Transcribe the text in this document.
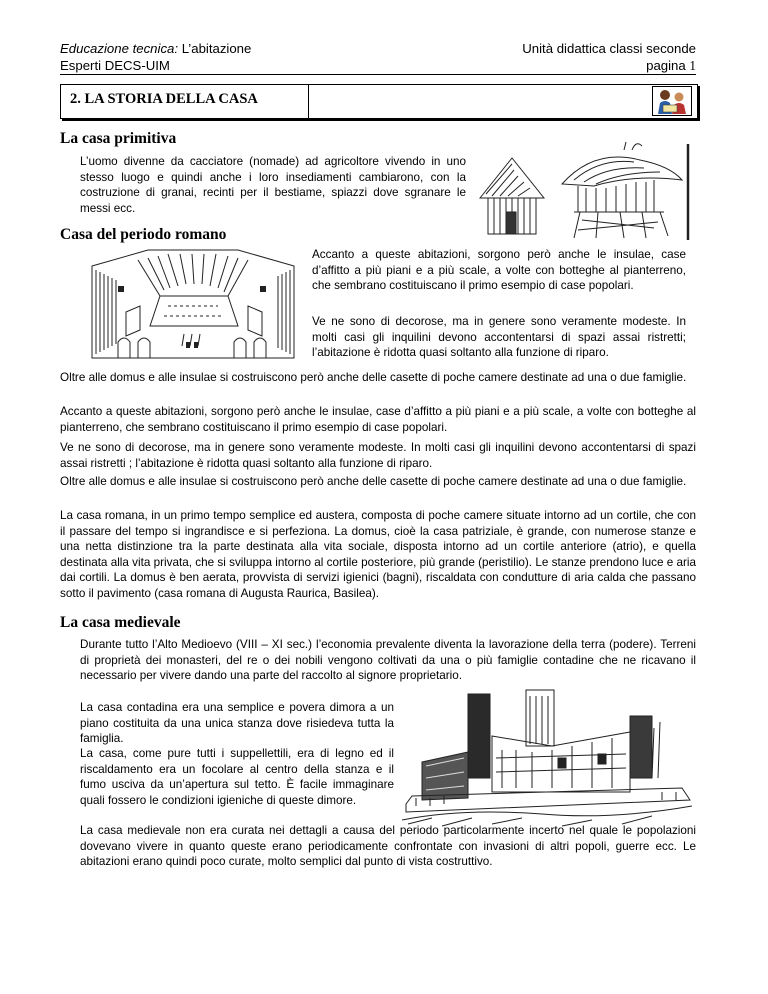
Educazione tecnica: L’abitazione
Esperti DECS-UIM
Unità didattica classi seconde
pagina 1
2. LA STORIA DELLA CASA
La casa primitiva

L’uomo divenne da cacciatore (nomade) ad agricoltore vivendo in uno stesso luogo e quindi anche i loro insediamenti cambiarono, con la costruzione di granai, recinti per il bestiame, spiazzi dove sgranare le messi ecc.

Casa del periodo romano

Accanto a queste abitazioni, sorgono però anche le insulae, case d’affitto a più piani e a più scale, a volte con botteghe al pianterreno, che sembrano costituiscano il primo esempio di case popolari.

Ve ne sono di decorose, ma in genere sono veramente modeste. In molti casi gli inquilini devono accontentarsi di spazi assai ristretti; l’abitazione è ridotta quasi soltanto alla funzione di riparo.

Oltre alle domus e alle insulae si costruiscono però anche delle casette di poche camere destinate ad una o due famiglie.

Accanto a queste abitazioni, sorgono però anche le insulae, case d’affitto a più piani e a più scale, a volte con botteghe al pianterreno, che sembrano costituiscano il primo esempio di case popolari.

Ve ne sono di decorose, ma in genere sono veramente modeste. In molti casi gli inquilini devono accontentarsi di spazi assai ristretti ; l’abitazione è ridotta quasi soltanto alla funzione di riparo.

Oltre alle domus e alle insulae si costruiscono però anche delle casette di poche camere destinate ad una o due famiglie.

La casa romana, in un primo tempo semplice ed austera, composta di poche camere situate intorno ad un cortile, che con il passare del tempo si ingrandisce e si perfeziona. La domus, cioè la casa patriziale, è grande, con numerose stanze e una netta distinzione tra la parte destinata alla vita sociale, disposta intorno ad un cortile anteriore (atrio), e quella destinata alla vita privata, che si sviluppa intorno al cortile posteriore, più grande (peristilio). Le stanze prendono luce e aria dai cortili. La domus è ben aerata, provvista di servizi igienici (bagni), riscaldata con condutture di aria calda che passano sotto il pavimento (casa romana di Augusta Raurica, Basilea).

La casa medievale

Durante tutto l’Alto Medioevo (VIII – XI sec.) l’economia prevalente diventa la lavorazione della terra (podere). Terreni di proprietà dei monasteri, del re o dei nobili vengono coltivati da una o più famiglie contadine che ne ricavano il necessario per vivere dando una parte del raccolto al signore proprietario.

La casa contadina era una semplice e povera dimora a un piano costituita da una unica stanza dove risiedeva tutta la famiglia.

La casa, come pure tutti i suppellettili, era di legno ed il riscaldamento era un focolare al centro della stanza e il fumo usciva da un’apertura sul tetto. È facile immaginare quali fossero le condizioni igieniche di queste dimore.

La casa medievale non era curata nei dettagli a causa del periodo particolarmente incerto nel quale le popolazioni dovevano vivere in quanto queste erano periodicamente confrontate con invasioni di altri popoli, guerre ecc. Le abitazioni erano quindi poco curate, molto semplici dal punto di vista costruttivo.
